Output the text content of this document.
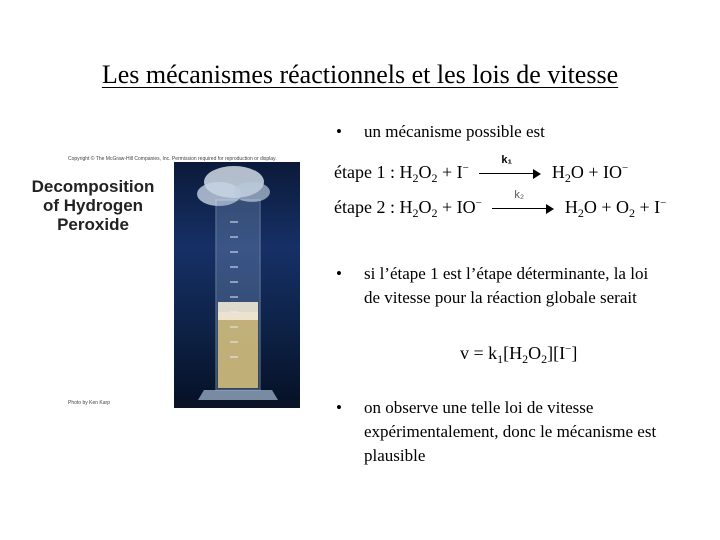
Les mécanismes réactionnels et les lois de vitesse
Copyright © The McGraw-Hill Companies, Inc. Permission required for reproduction or display.
Decomposition
of Hydrogen
Peroxide
Photo by Ken Karp
• un mécanisme possible est
étape 1 : $H_2O_2 + I^-$
k₁
$H_2O + IO^-$
étape 2 : $H_2O_2 + IO^-$
k₂
$H_2O + O_2 + I^-$
• si l’étape 1 est l’étape déterminante, la loi de vitesse pour la réaction globale serait
$v = k_1[H_2O_2][I^-]$
• on observe une telle loi de vitesse expérimentalement, donc le mécanisme est plausible
